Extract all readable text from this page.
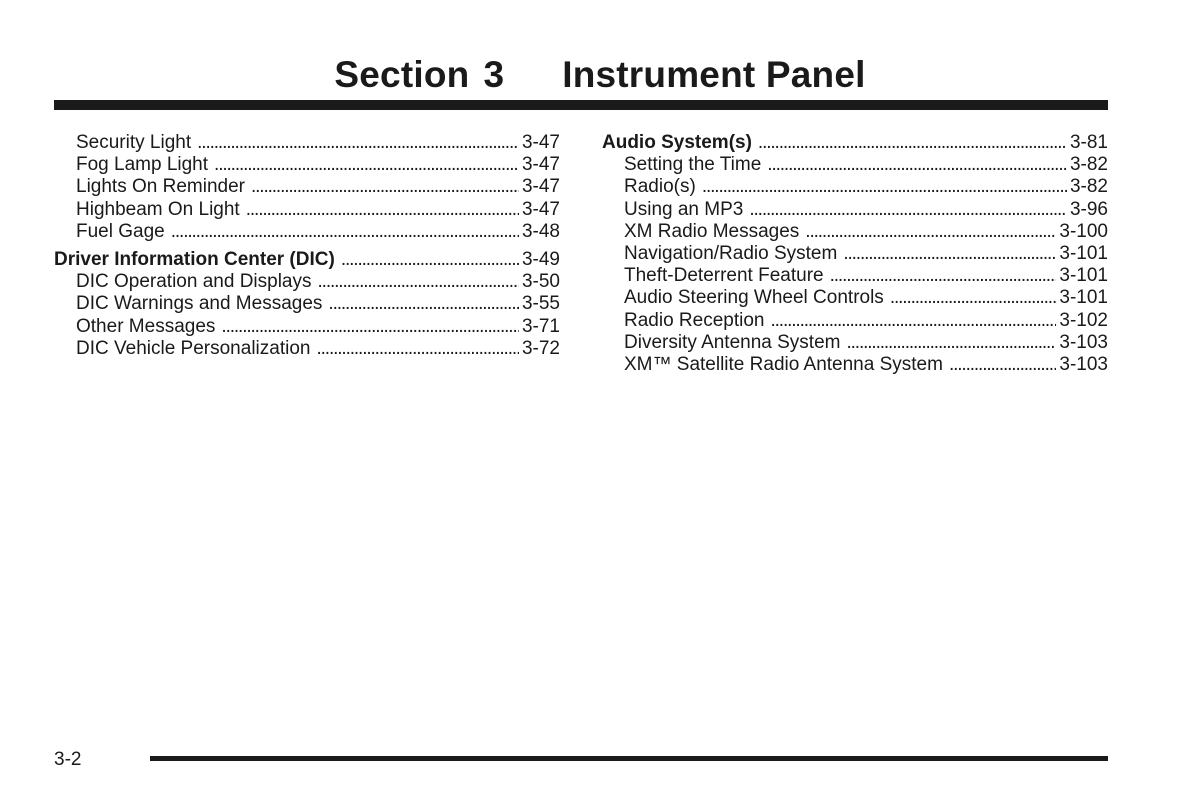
Section 3 Instrument Panel
Security Light . . .	3-47
Fog Lamp Light . . .	3-47
Lights On Reminder . . .	3-47
Highbeam On Light . . .	3-47
Fuel Gage . . .	3-48
Driver Information Center (DIC) . . .	3-49
DIC Operation and Displays . . .	3-50
DIC Warnings and Messages . . .	3-55
Other Messages . . .	3-71
DIC Vehicle Personalization . . .	3-72
Audio System(s) . . .	3-81
Setting the Time . . .	3-82
Radio(s) . . .	3-82
Using an MP3 . . .	3-96
XM Radio Messages . . .	3-100
Navigation/Radio System . . .	3-101
Theft-Deterrent Feature . . .	3-101
Audio Steering Wheel Controls . . .	3-101
Radio Reception . . .	3-102
Diversity Antenna System . . .	3-103
XM™ Satellite Radio Antenna System . . .	3-103
3-2
